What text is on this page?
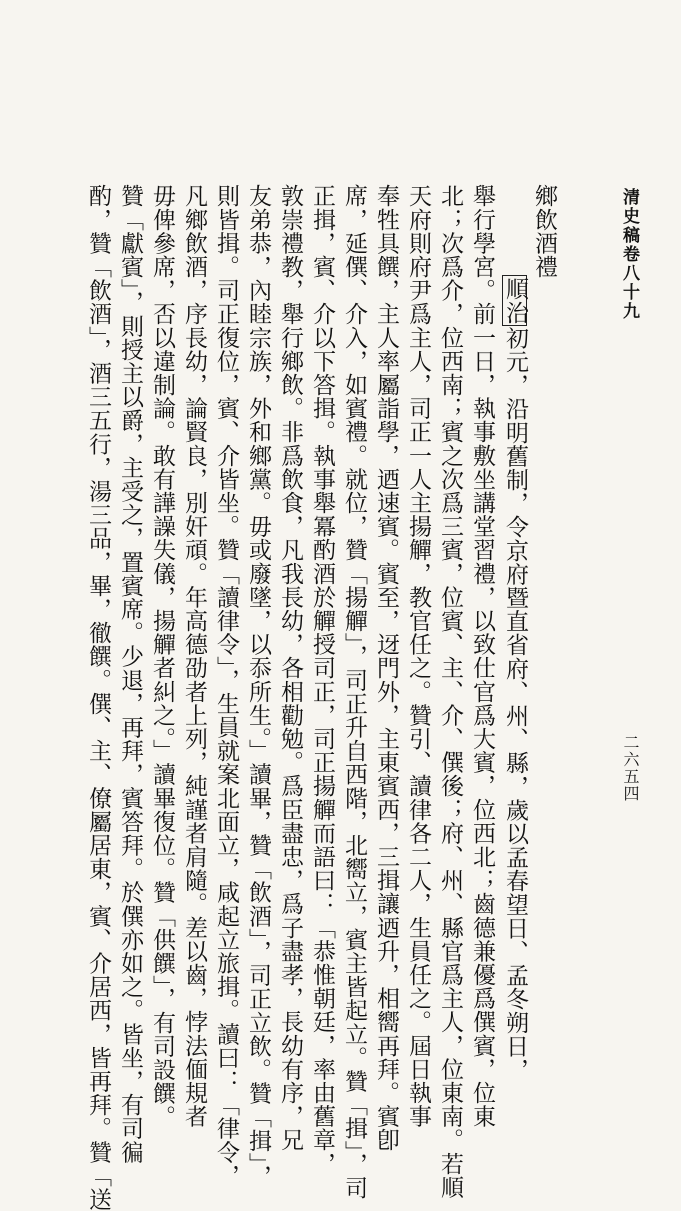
清史稿卷八十九
二六五四
鄉飲酒禮
順治初元，沿明舊制，令京府暨直省府、州、縣，歲以孟春望日、孟冬朔日，
舉行學宮。前一日，執事敷坐講堂習禮，以致仕官爲大賓，位西北；齒德兼優爲僎賓，位東
北；次爲介，位西南；賓之次爲三賓，位賓、主、介、僎後；府、州、縣官爲主人，位東南。若順
天府則府尹爲主人，司正一人主揚觶，教官任之。贊引、讀律各二人，生員任之。屆日執事
奉牲具饌，主人率屬詣學，迺速賓。賓至，迓門外，主東賓西，三揖讓迺升，相嚮再拜。賓卽
席，延僎、介入，如賓禮。就位，贊「揚觶」，司正升自西階，北嚮立，賓主皆起立。贊「揖」，司
正揖，賓、介以下答揖。執事舉冪酌酒於觶授司正，司正揚觶而語曰：「恭惟朝廷，率由舊章，
敦崇禮教，舉行鄉飲。非爲飲食，凡我長幼，各相勸勉。爲臣盡忠，爲子盡孝，長幼有序，兄
友弟恭，內睦宗族，外和鄉黨。毋或廢墜，以忝所生。」讀畢，贊「飲酒」，司正立飲。贊「揖」，
則皆揖。司正復位，賓、介皆坐。贊「讀律令」，生員就案北面立，咸起立旅揖。讀曰：「律令，
凡鄉飲酒，序長幼，論賢良，別奸頑。年高德劭者上列，純謹者肩隨。差以齒，悖法偭規者
毋俾參席，否以違制論。敢有譁譟失儀，揚觶者糾之。」讀畢復位。贊「供饌」，有司設饌。
贊「獻賓」，則授主以爵，主受之，置賓席。少退，再拜，賓答拜。於僎亦如之。皆坐，有司徧
酌，贊「飲酒」，酒三五行，湯三品，畢，徹饌。僎、主、僚屬居東，賓、介居西，皆再拜。贊「送
